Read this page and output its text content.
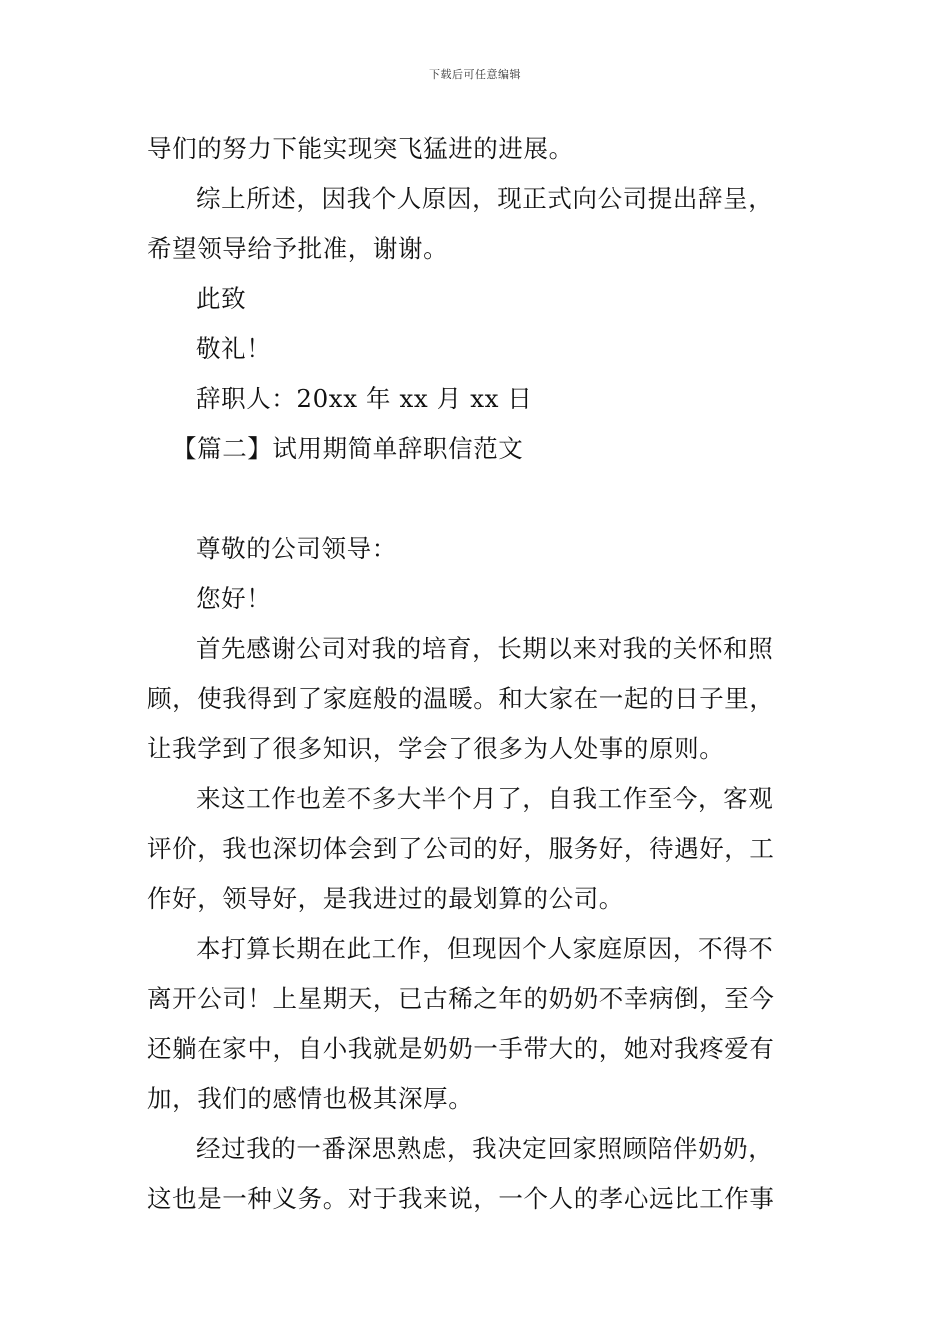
下载后可任意编辑
导们的努力下能实现突飞猛进的进展。
综上所述，因我个人原因，现正式向公司提出辞呈，
希望领导给予批准，谢谢。
此致
敬礼！
辞职人：20xx 年 xx 月 xx 日
【篇二】试用期简单辞职信范文
尊敬的公司领导：
您好！
首先感谢公司对我的培育，长期以来对我的关怀和照
顾，使我得到了家庭般的温暖。和大家在一起的日子里，
让我学到了很多知识，学会了很多为人处事的原则。
来这工作也差不多大半个月了，自我工作至今，客观
评价，我也深切体会到了公司的好，服务好，待遇好，工
作好，领导好，是我进过的最划算的公司。
本打算长期在此工作，但现因个人家庭原因，不得不
离开公司！上星期天，已古稀之年的奶奶不幸病倒，至今
还躺在家中，自小我就是奶奶一手带大的，她对我疼爱有
加，我们的感情也极其深厚。
经过我的一番深思熟虑，我决定回家照顾陪伴奶奶，
这也是一种义务。对于我来说，一个人的孝心远比工作事
